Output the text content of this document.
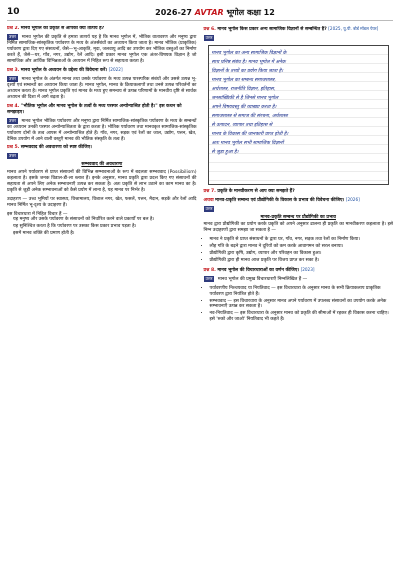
10	2026-27 AVTAR भूगोल कक्षा 12
प्रश्न 2. मानव भूगोल की प्रकृति से आपका क्या तात्पर्य है?
उत्तर मानव भूगोल की प्रकृति से हमारा तात्पर्य यह है कि मानव भूगोल में, भौतिक वातावरण और मनुष्य द्वारा निर्मित सामाजिक-सांस्कृतिक पर्यावरण के मध्य के अंतर्संबंधों का अध्ययन किया जाता है। मानव भौतिक (प्राकृतिक) पर्यावरण द्वारा दिए गए संसाधनों, जैसे—भू-आकृति, मृदा, जलवायु आदि का उपयोग कर भौतिक वस्तुओं का निर्माण करते हैं, जैसे—घर, गाँव, नगर, उद्योग, रेलें आदि। इसी प्रकार मानव भूगोल एक अंतर-विषयक विज्ञान है जो सामाजिक और आर्थिक विभिन्नताओं के अध्ययन में निहित रूप से सहायता करता है।
प्रश्न 3. मानव भूगोल के अध्ययन के उद्देश्य की विवेचना करें। [2022]
उत्तर मानव भूगोल के अंतर्गत मानव तथा उसके पर्यावरण के मध्य उत्पन्न पारस्परिक संबंधों और उससे उत्पन्न भू-दृश्यों एवं सम्बन्धों का अध्ययन किया जाता है। मानव भूगोल, मानव के क्रियाकलापों तथा उनसे उत्पन्न परिवर्तनों का अध्ययन करता है। मानव भूगोल प्रकृति एवं मानव के मध्य हुए समन्वय से उत्पन्न परिणामों के मानवीय दृष्टि से सार्थक अध्ययन की दिशा में आगे बढ़ता है।
प्रश्न 4. "भौतिक भूगोल और मानव भूगोल के तत्वों के मध्य परस्पर अन्योन्याश्रित होती है।" इस कथन को समझाइए।
उत्तर मानव भूगोल भौतिक पर्यावरण और मनुष्य द्वारा निर्मित सामाजिक-सांस्कृतिक पर्यावरण के मध्य के सम्बन्धों का अध्ययन उनकी परस्पर अन्योन्याश्रितता के द्वारा करता है। भौतिक पर्यावरण तथा मानवकृत सामाजिक-सांस्कृतिक पर्यावरण दोनों के तत्व आपस में अन्योन्याश्रित होते हैं। गाँव, नगर, सड़क एवं रेलों का जाल, उद्योग, पत्तन, खेत, दैनिक उपयोग में आने वाली वस्तुएँ मानव की भौतिक संस्कृति के तत्व हैं।
प्रश्न 5. सम्भववाद की अवधारणा को स्पष्ट कीजिए।
उत्तर
सम्भववाद की अवधारणा
मानव अपने पर्यावरण से प्राप्त संसाधनों की विभिन्न सम्भावनाओं के रूप में बदलता सम्भववाद (Possibilism) कहलाता है। इसके जनक विडाल-डी-ला ब्लाश हैं। इनके अनुसार, मानव प्रकृति द्वारा प्रदत्त किए गए संसाधनों की सहायता से अपने लिए अनेक सम्भावनाएँ उत्पन्न कर सकता है। अतः प्रकृति से लाभ उठाने का काम मानव का है। प्रकृति से जुड़ी अनेक सम्भावनाओं को कैसे प्रयोग में लाना है, यह मानव पर निर्भर है।
उदाहरण — उच्च भूमियों पर स्वास्थ्य, विश्रामालय, विशाल नगर, खेत, फसलें, पत्तन, मैदान, सड़कें और रेलों आदि मानव निर्मित भू-दृश्य के उदाहरण हैं।
इस विचारधारा में निहित विचार हैं —
• यह मनुष्य और उसके पर्यावरण के संसाधनों को निर्धारित करने वाले प्रकार्यों पर बल है।
• यह सुनिश्चित करता है कि पर्यावरण पर उसका किस प्रकार प्रभाव पड़ता है।
• इसमें मानव शक्ति की प्रमाण होती है।
प्रश्न 6. मानव भूगोल किस प्रकार अन्य सामाजिक विज्ञानों से सम्बन्धित है? [2025, यू.पी. बोर्ड मॉडल पेपर]
उत्तर

मानव भूगोल का अन्य सामाजिक विज्ञानों के

साथ घनिष्ठ संबंध है। मानव भूगोल में अनेक

विज्ञानों के तथ्यों का प्रयोग किया जाता है।

मानव भूगोल का सम्बन्ध समाजशास्त्र,

अर्थशास्त्र, राजनीति विज्ञान, इतिहास,

जनसांख्यिकी से है जिनसे मानव भूगोल

अपने विषयवस्तु की व्याख्या करता है।

समाजशास्त्र से समाज की संरचना, अर्थशास्त्र

से उत्पादन, व्यापार तथा इतिहास से

मानव के विकास की जानकारी प्राप्त होती है।

अतः मानव भूगोल सभी सामाजिक विज्ञानों

से जुड़ा हुआ है।

प्रश्न 7. प्रकृति के मानवीकरण से आप क्या समझते हैं?
अथवा मानव-प्रकृति सम्बन्ध एवं प्रौद्योगिकी के विकास के प्रभाव की विवेचना कीजिए। [2026]
उत्तर
मानव-प्रकृति सम्बन्ध पर प्रौद्योगिकी का प्रभाव
मानव द्वारा प्रौद्योगिकी का प्रयोग करके प्रकृति को अपने अनुसार ढालना ही प्रकृति का मानवीकरण कहलाता है। इसे निम्न उदाहरणों द्वारा समझा जा सकता है —
• मानव ने प्रकृति से प्राप्त संसाधनों के द्वारा घर, गाँव, नगर, सड़क तथा रेलों का निर्माण किया।
• लौह गति के बढ़ने द्वारा मानव ने दूरियों को कम करके आवागमन को सरल बनाया।
• प्रौद्योगिकी द्वारा कृषि, उद्योग, व्यापार और परिवहन का विकास हुआ।
• प्रौद्योगिकी द्वारा ही मानव आज प्रकृति पर विजय प्राप्त कर सका है।
प्रश्न 8. मानव भूगोल की विचारधाराओं का वर्णन कीजिए। [2023]
उत्तर मानव भूगोल की प्रमुख विचारधाराएँ निम्नलिखित हैं —
• पर्यावरणीय निश्चयवाद या नियतिवाद — इस विचारधारा के अनुसार मानव के सभी क्रियाकलाप प्राकृतिक पर्यावरण द्वारा नियंत्रित होते हैं।
• सम्भववाद — इस विचारधारा के अनुसार मानव अपने पर्यावरण में उपलब्ध संसाधनों का उपयोग करके अनेक सम्भावनाएँ उत्पन्न कर सकता है।
• नव-नियतिवाद — इस विचारधारा के अनुसार मानव को प्रकृति की सीमाओं में रहकर ही विकास करना चाहिए। इसे 'रुको और जाओ' नियतिवाद भी कहते हैं।
